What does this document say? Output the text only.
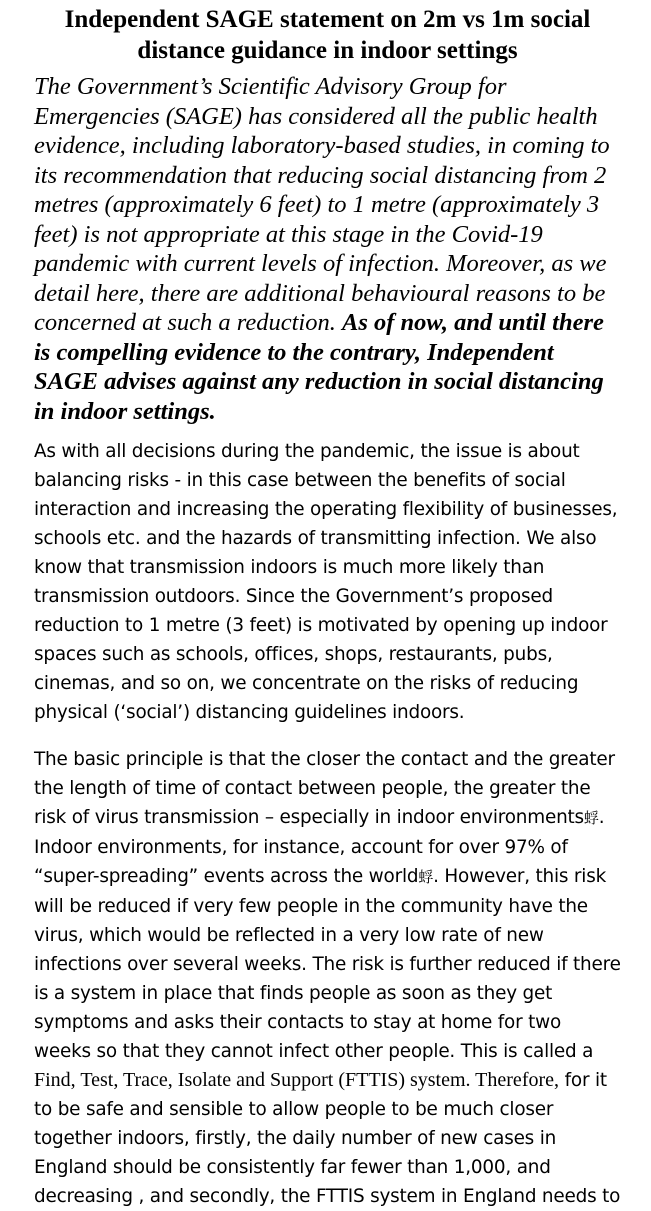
Independent SAGE statement on 2m vs 1m social distance guidance in indoor settings

The Government’s Scientific Advisory Group for Emergencies (SAGE) has considered all the public health evidence, including laboratory-based studies, in coming to its recommendation that reducing social distancing from 2 metres (approximately 6 feet) to 1 metre (approximately 3 feet) is not appropriate at this stage in the Covid-19 pandemic with current levels of infection. Moreover, as we detail here, there are additional behavioural reasons to be concerned at such a reduction. As of now, and until there is compelling evidence to the contrary, Independent SAGE advises against any reduction in social distancing in indoor settings.

As with all decisions during the pandemic, the issue is about balancing risks - in this case between the benefits of social interaction and increasing the operating flexibility of businesses, schools etc. and the hazards of transmitting infection. We also know that transmission indoors is much more likely than transmission outdoors. Since the Government’s proposed reduction to 1 metre (3 feet) is motivated by opening up indoor spaces such as schools, offices, shops, restaurants, pubs, cinemas, and so on, we concentrate on the risks of reducing physical (‘social’) distancing guidelines indoors.

The basic principle is that the closer the contact and the greater the length of time of contact between people, the greater the risk of virus transmission – especially in indoor environments蜉. Indoor environments, for instance, account for over 97% of “super-spreading” events across the world蜉. However, this risk will be reduced if very few people in the community have the virus, which would be reflected in a very low rate of new infections over several weeks. The risk is further reduced if there is a system in place that finds people as soon as they get symptoms and asks their contacts to stay at home for two weeks so that they cannot infect other people. This is called a Find, Test, Trace, Isolate and Support (FTTIS) system. Therefore, for it to be safe and sensible to allow people to be much closer together indoors, firstly, the daily number of new cases in England should be consistently far fewer than 1,000, and decreasing , and secondly, the FTTIS system in England needs to
